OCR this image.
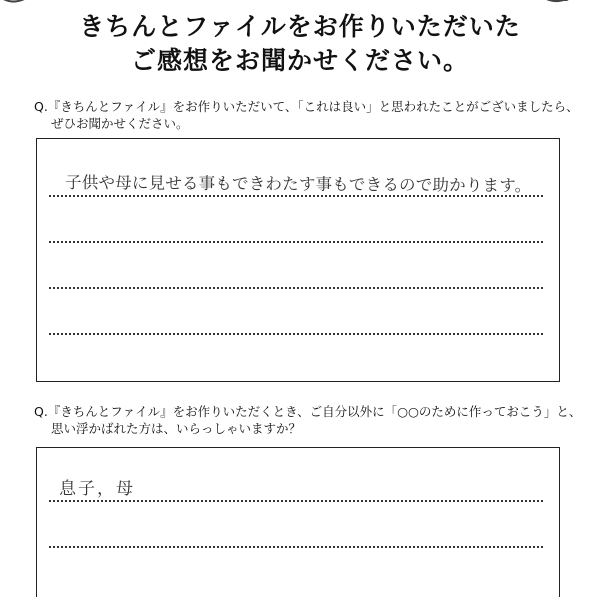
きちんとファイルをお作りいただいた
ご感想をお聞かせください。
Q.『きちんとファイル』をお作りいただいて、「これは良い」と思われたことがございましたら、
ぜひお聞かせください。
子供や母に見せる事もできわたす事もできるので助かります。
Q.『きちんとファイル』をお作りいただくとき、ご自分以外に「○○のために作っておこう」と、
思い浮かばれた方は、いらっしゃいますか？
息子，母
